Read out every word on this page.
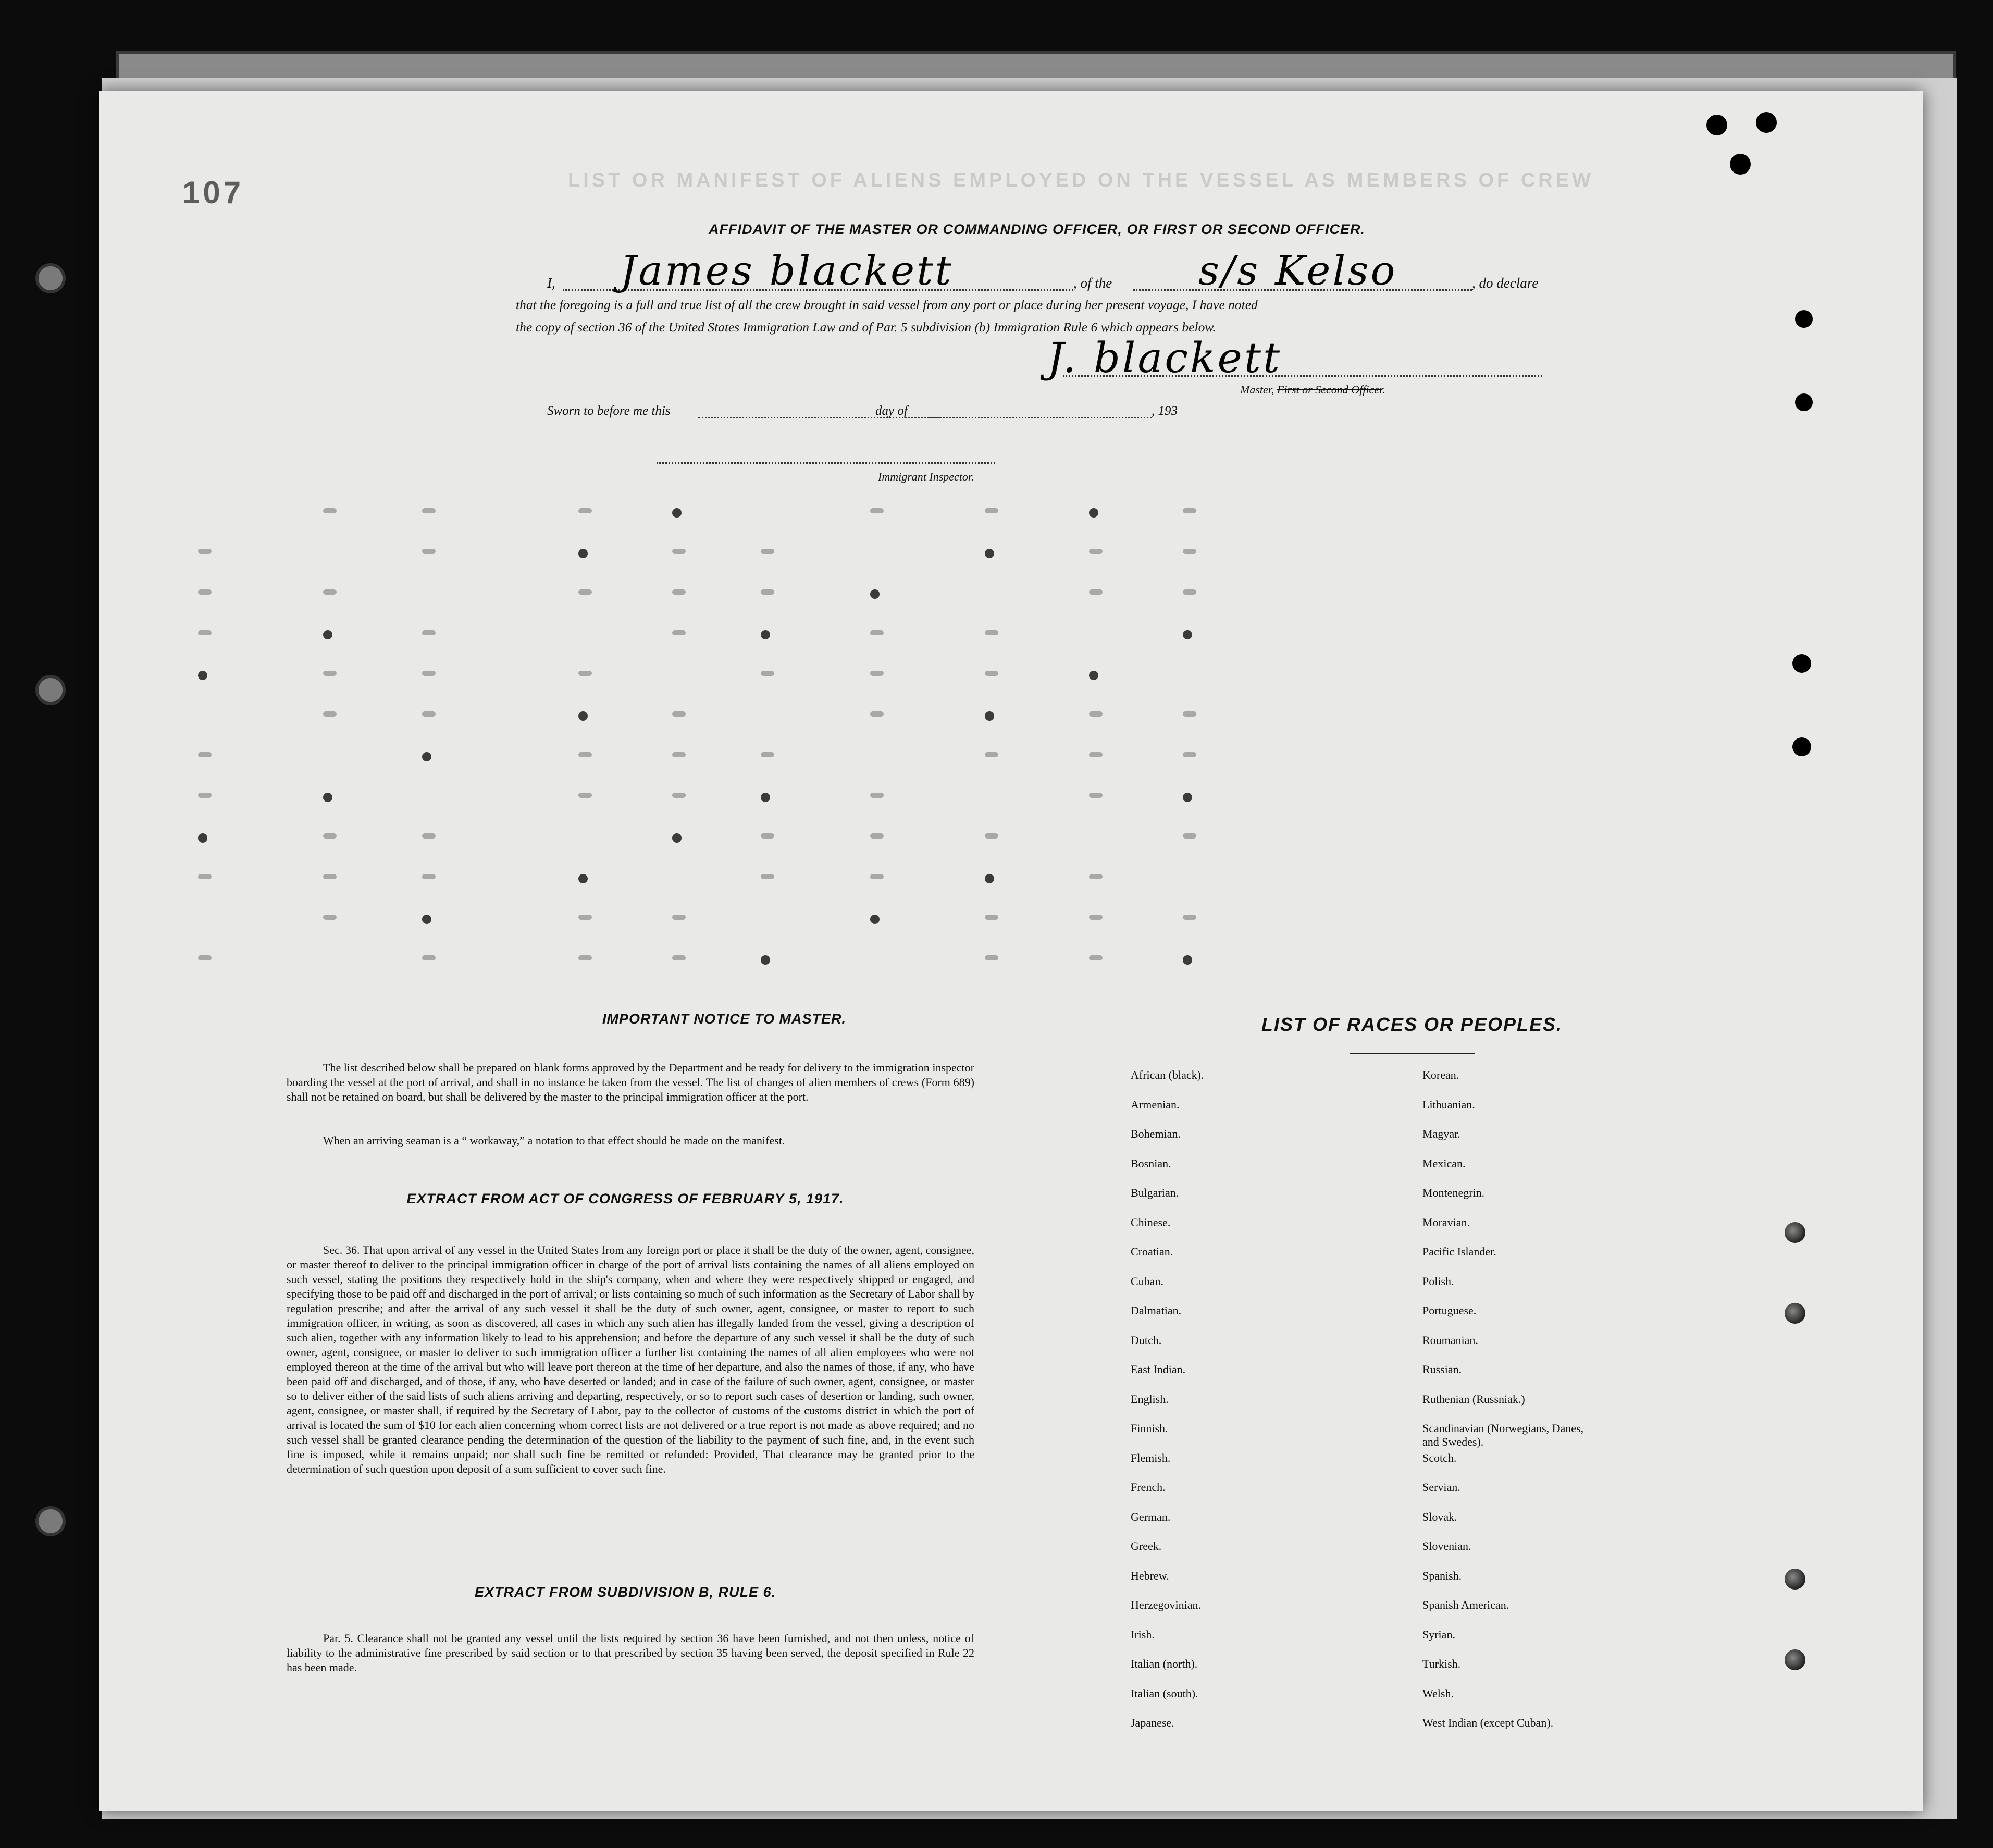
107	LIST OR MANIFEST OF ALIENS EMPLOYED ON THE VESSEL AS MEMBERS OF CREW
AFFIDAVIT OF THE MASTER OR COMMANDING OFFICER, OR FIRST OR SECOND OFFICER.
I, James blackett	, of the s/s Kelso	, do declare
that the foregoing is a full and true list of all the crew brought in said vessel from any port or place during her present voyage, I have noted
the copy of section 36 of the United States Immigration Law and of Par. 5 subdivision (b) Immigration Rule 6 which appears below.
J. blackett
Master, First or Second Officer.
Sworn to before me this	day of	, 193
Immigrant Inspector.
IMPORTANT NOTICE TO MASTER.
The list described below shall be prepared on blank forms approved by the Department and be ready for delivery to the immigration inspector boarding the vessel at the port of arrival, and shall in no instance be taken from the vessel. The list of changes of alien members of crews (Form 689) shall not be retained on board, but shall be delivered by the master to the principal immigration officer at the port.
When an arriving seaman is a “ workaway,” a notation to that effect should be made on the manifest.
EXTRACT FROM ACT OF CONGRESS OF FEBRUARY 5, 1917.
Sec. 36. That upon arrival of any vessel in the United States from any foreign port or place it shall be the duty of the owner, agent, consignee, or master thereof to deliver to the principal immigration officer in charge of the port of arrival lists containing the names of all aliens employed on such vessel, stating the positions they respectively hold in the ship's company, when and where they were respectively shipped or engaged, and specifying those to be paid off and discharged in the port of arrival; or lists containing so much of such information as the Secretary of Labor shall by regulation prescribe; and after the arrival of any such vessel it shall be the duty of such owner, agent, consignee, or master to report to such immigration officer, in writing, as soon as discovered, all cases in which any such alien has illegally landed from the vessel, giving a description of such alien, together with any information likely to lead to his apprehension; and before the departure of any such vessel it shall be the duty of such owner, agent, consignee, or master to deliver to such immigration officer a further list containing the names of all alien employees who were not employed thereon at the time of the arrival but who will leave port thereon at the time of her departure, and also the names of those, if any, who have been paid off and discharged, and of those, if any, who have deserted or landed; and in case of the failure of such owner, agent, consignee, or master so to deliver either of the said lists of such aliens arriving and departing, respectively, or so to report such cases of desertion or landing, such owner, agent, consignee, or master shall, if required by the Secretary of Labor, pay to the collector of customs of the customs district in which the port of arrival is located the sum of $10 for each alien concerning whom correct lists are not delivered or a true report is not made as above required; and no such vessel shall be granted clearance pending the determination of the question of the liability to the payment of such fine, and, in the event such fine is imposed, while it remains unpaid; nor shall such fine be remitted or refunded: Provided, That clearance may be granted prior to the determination of such question upon deposit of a sum sufficient to cover such fine.
EXTRACT FROM SUBDIVISION B, RULE 6.
Par. 5. Clearance shall not be granted any vessel until the lists required by section 36 have been furnished, and not then unless, notice of liability to the administrative fine prescribed by said section or to that prescribed by section 35 having been served, the deposit specified in Rule 22 has been made.
LIST OF RACES OR PEOPLES.
African (black).
Armenian.
Bohemian.
Bosnian.
Bulgarian.
Chinese.
Croatian.
Cuban.
Dalmatian.
Dutch.
East Indian.
English.
Finnish.
Flemish.
French.
German.
Greek.
Hebrew.
Herzegovinian.
Irish.
Italian (north).
Italian (south).
Japanese.
Korean.
Lithuanian.
Magyar.
Mexican.
Montenegrin.
Moravian.
Pacific Islander.
Polish.
Portuguese.
Roumanian.
Russian.
Ruthenian (Russniak.)
Scandinavian (Norwegians, Danes, and Swedes).
Scotch.
Servian.
Slovak.
Slovenian.
Spanish.
Spanish American.
Syrian.
Turkish.
Welsh.
West Indian (except Cuban).
